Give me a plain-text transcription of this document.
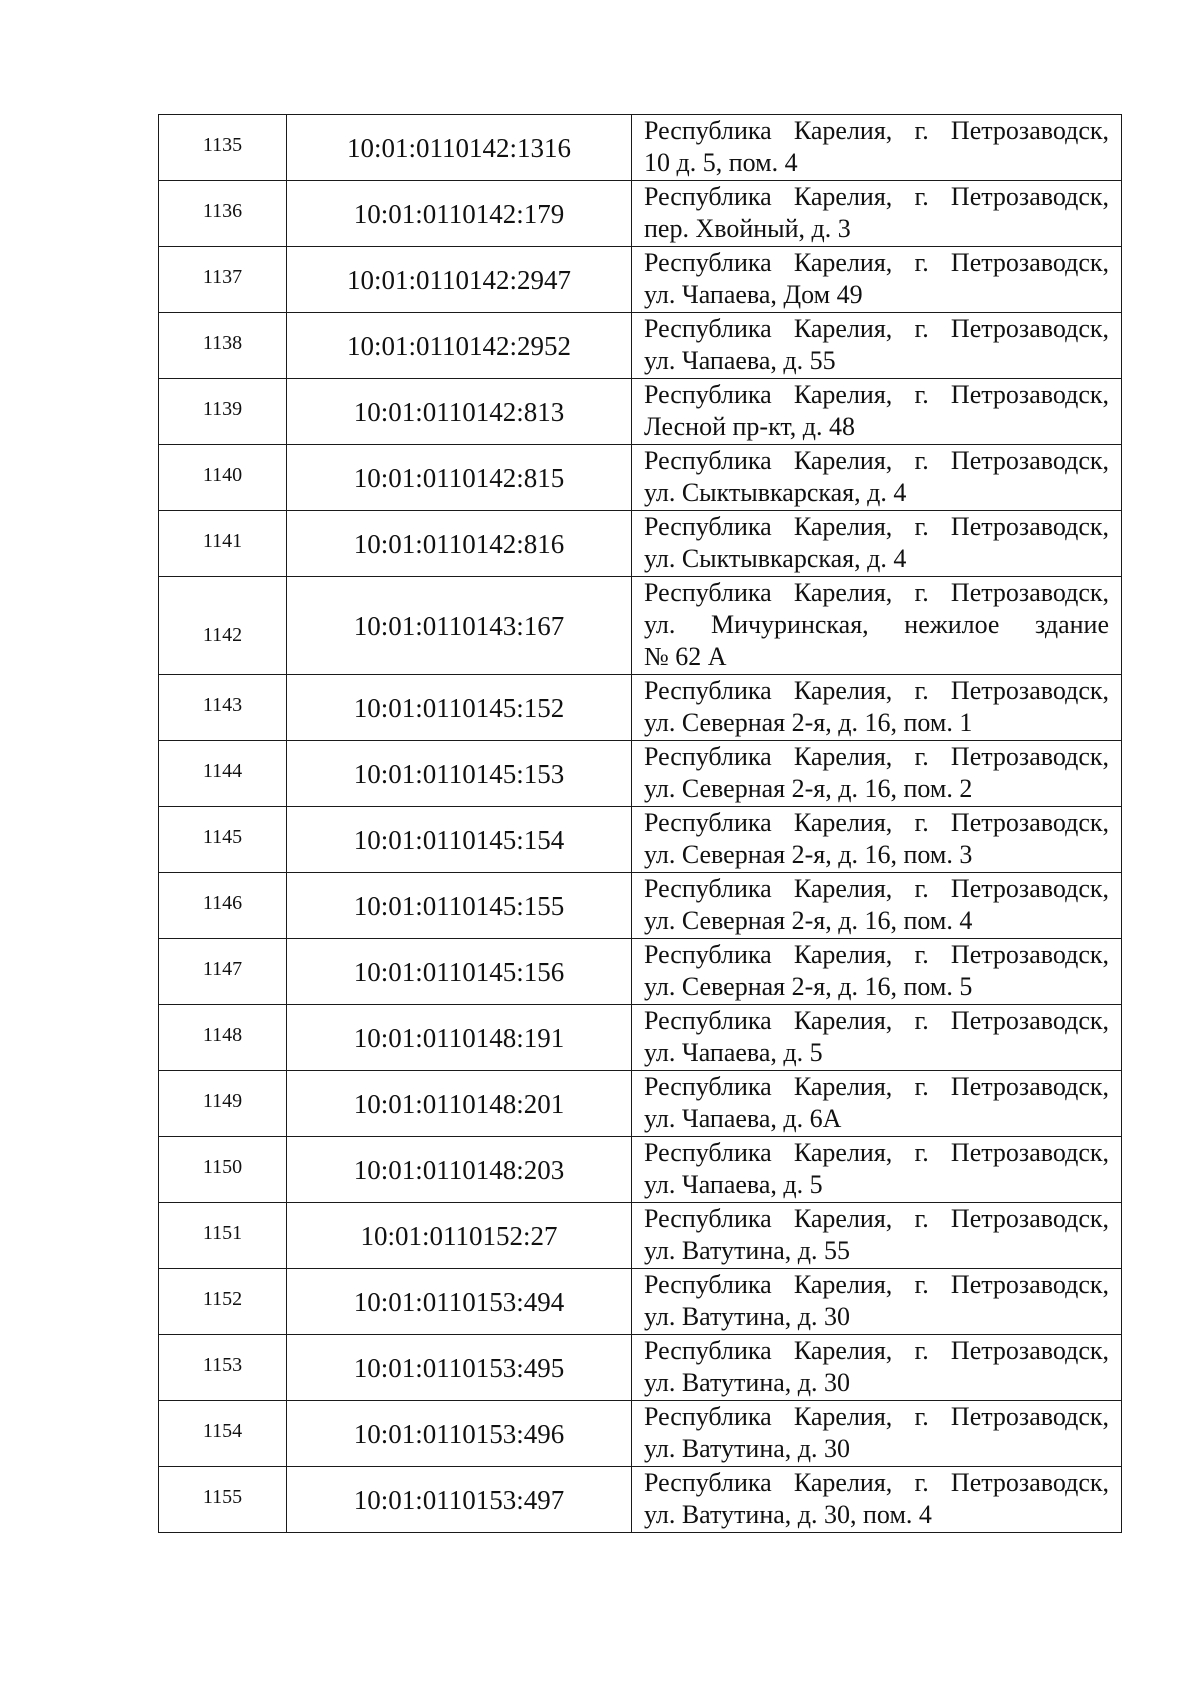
1135	10:01:0110142:1316	Республика Карелия, г. Петрозаводск,
10 д. 5, пом. 4

1136	10:01:0110142:179	Республика Карелия, г. Петрозаводск,
пер. Хвойный, д. 3

1137	10:01:0110142:2947	Республика Карелия, г. Петрозаводск,
ул. Чапаева, Дом 49

1138	10:01:0110142:2952	Республика Карелия, г. Петрозаводск,
ул. Чапаева, д. 55

1139	10:01:0110142:813	Республика Карелия, г. Петрозаводск,
Лесной пр-кт, д. 48

1140	10:01:0110142:815	Республика Карелия, г. Петрозаводск,
ул. Сыктывкарская, д. 4

1141	10:01:0110142:816	Республика Карелия, г. Петрозаводск,
ул. Сыктывкарская, д. 4

1142	10:01:0110143:167	Республика Карелия, г. Петрозаводск,
ул. Мичуринская, нежилое здание
№ 62 А

1143	10:01:0110145:152	Республика Карелия, г. Петрозаводск,
ул. Северная 2-я, д. 16, пом. 1

1144	10:01:0110145:153	Республика Карелия, г. Петрозаводск,
ул. Северная 2-я, д. 16, пом. 2

1145	10:01:0110145:154	Республика Карелия, г. Петрозаводск,
ул. Северная 2-я, д. 16, пом. 3

1146	10:01:0110145:155	Республика Карелия, г. Петрозаводск,
ул. Северная 2-я, д. 16, пом. 4

1147	10:01:0110145:156	Республика Карелия, г. Петрозаводск,
ул. Северная 2-я, д. 16, пом. 5

1148	10:01:0110148:191	Республика Карелия, г. Петрозаводск,
ул. Чапаева, д. 5

1149	10:01:0110148:201	Республика Карелия, г. Петрозаводск,
ул. Чапаева, д. 6А

1150	10:01:0110148:203	Республика Карелия, г. Петрозаводск,
ул. Чапаева, д. 5

1151	10:01:0110152:27	Республика Карелия, г. Петрозаводск,
ул. Ватутина, д. 55

1152	10:01:0110153:494	Республика Карелия, г. Петрозаводск,
ул. Ватутина, д. 30

1153	10:01:0110153:495	Республика Карелия, г. Петрозаводск,
ул. Ватутина, д. 30

1154	10:01:0110153:496	Республика Карелия, г. Петрозаводск,
ул. Ватутина, д. 30

1155	10:01:0110153:497	Республика Карелия, г. Петрозаводск,
ул. Ватутина, д. 30, пом. 4
